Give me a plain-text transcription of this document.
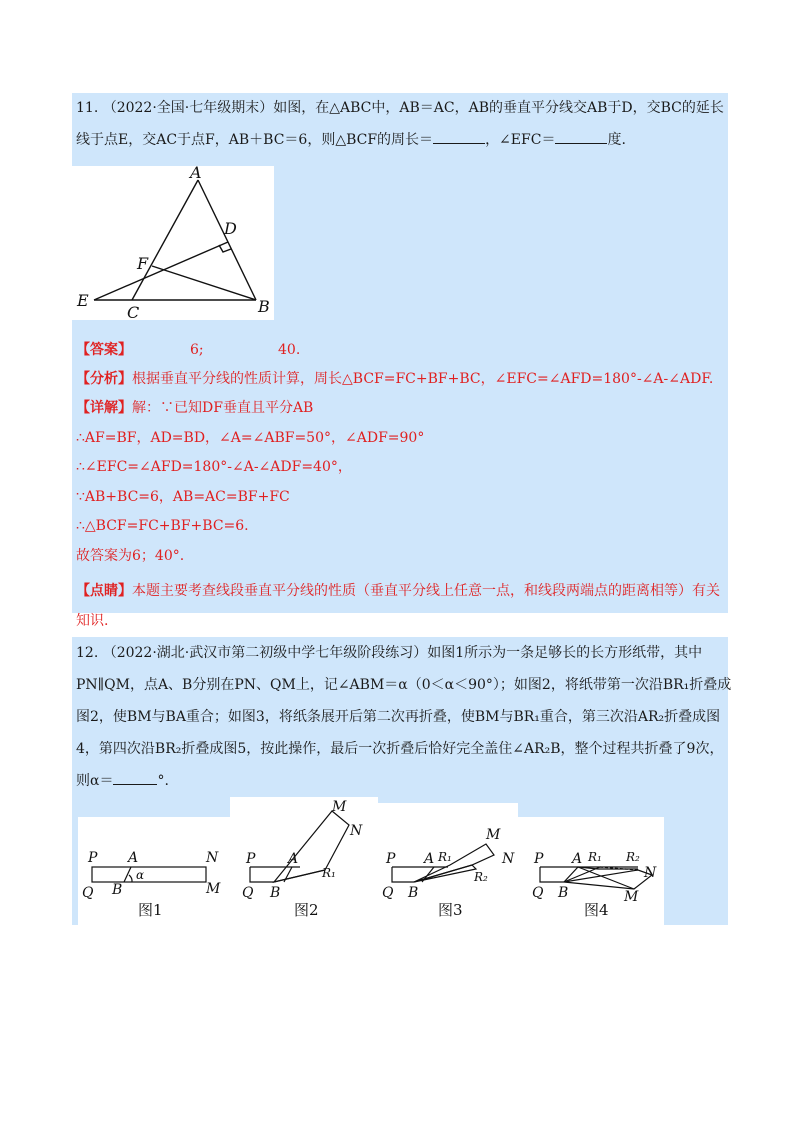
11. （2022·全国·七年级期末）如图，在△ABC中，AB＝AC，AB的垂直平分线交AB于D，交BC的延长
线于点E，交AC于点F，AB＋BC＝6，则△BCF的周长＝	，∠EFC＝	度.
A
D
F
E
C	B
【答案】	6;	40.
【分析】根据垂直平分线的性质计算，周长△BCF=FC+BF+BC，∠EFC=∠AFD=180°-∠A-∠ADF.
【详解】解：∵已知DF垂直且平分AB
∴AF=BF，AD=BD，∠A=∠ABF=50°，∠ADF=90°
∴∠EFC=∠AFD=180°-∠A-∠ADF=40°，
∵AB+BC=6，AB=AC=BF+FC
∴△BCF=FC+BF+BC=6.
故答案为6；40°.
【点睛】本题主要考查线段垂直平分线的性质（垂直平分线上任意一点，和线段两端点的距离相等）有关
知识.
12. （2022·湖北·武汉市第二初级中学七年级阶段练习）如图1所示为一条足够长的长方形纸带，其中
PN∥QM，点A、B分别在PN、QM上，记∠ABM＝α（0＜α＜90°）；如图2，将纸带第一次沿BR₁折叠成
图2，使BM与BA重合；如图3，将纸条展开后第二次再折叠，使BM与BR₁重合，第三次沿AR₂折叠成图
4，第四次沿BR₂折叠成图5，按此操作，最后一次折叠后恰好完全盖住∠AR₂B，整个过程共折叠了9次，
则α＝	°.
P A	N
Q B
α
M
P A
Q B
R₁
M
N
P A R₁
Q B
R₂
M
N P A R₁ R₂
N
Q B	M
图1	图2	图3	图4
